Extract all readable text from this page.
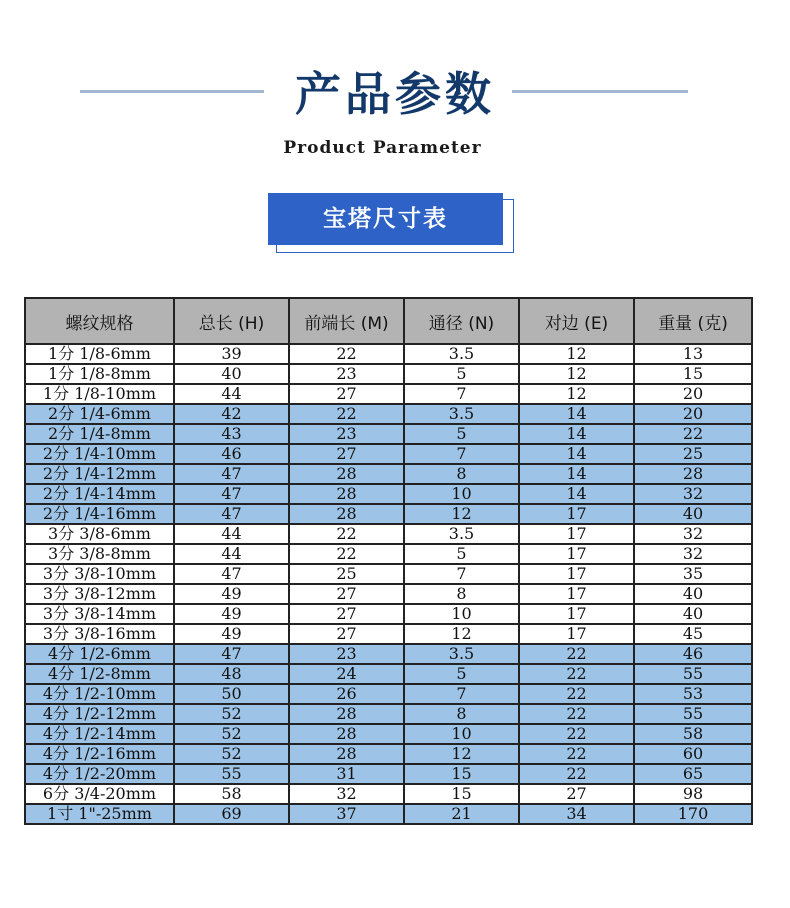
产品参数
Product Parameter
宝塔尺寸表
螺纹规格	总长 (H)	前端长 (M)	通径 (N)	对边 (E)	重量 (克)
1分 1/8-6mm	39	22	3.5	12	13
1分 1/8-8mm	40	23	5	12	15
1分 1/8-10mm	44	27	7	12	20
2分 1/4-6mm	42	22	3.5	14	20
2分 1/4-8mm	43	23	5	14	22
2分 1/4-10mm	46	27	7	14	25
2分 1/4-12mm	47	28	8	14	28
2分 1/4-14mm	47	28	10	14	32
2分 1/4-16mm	47	28	12	17	40
3分 3/8-6mm	44	22	3.5	17	32
3分 3/8-8mm	44	22	5	17	32
3分 3/8-10mm	47	25	7	17	35
3分 3/8-12mm	49	27	8	17	40
3分 3/8-14mm	49	27	10	17	40
3分 3/8-16mm	49	27	12	17	45
4分 1/2-6mm	47	23	3.5	22	46
4分 1/2-8mm	48	24	5	22	55
4分 1/2-10mm	50	26	7	22	53
4分 1/2-12mm	52	28	8	22	55
4分 1/2-14mm	52	28	10	22	58
4分 1/2-16mm	52	28	12	22	60
4分 1/2-20mm	55	31	15	22	65
6分 3/4-20mm	58	32	15	27	98
1寸 1"-25mm	69	37	21	34	170
